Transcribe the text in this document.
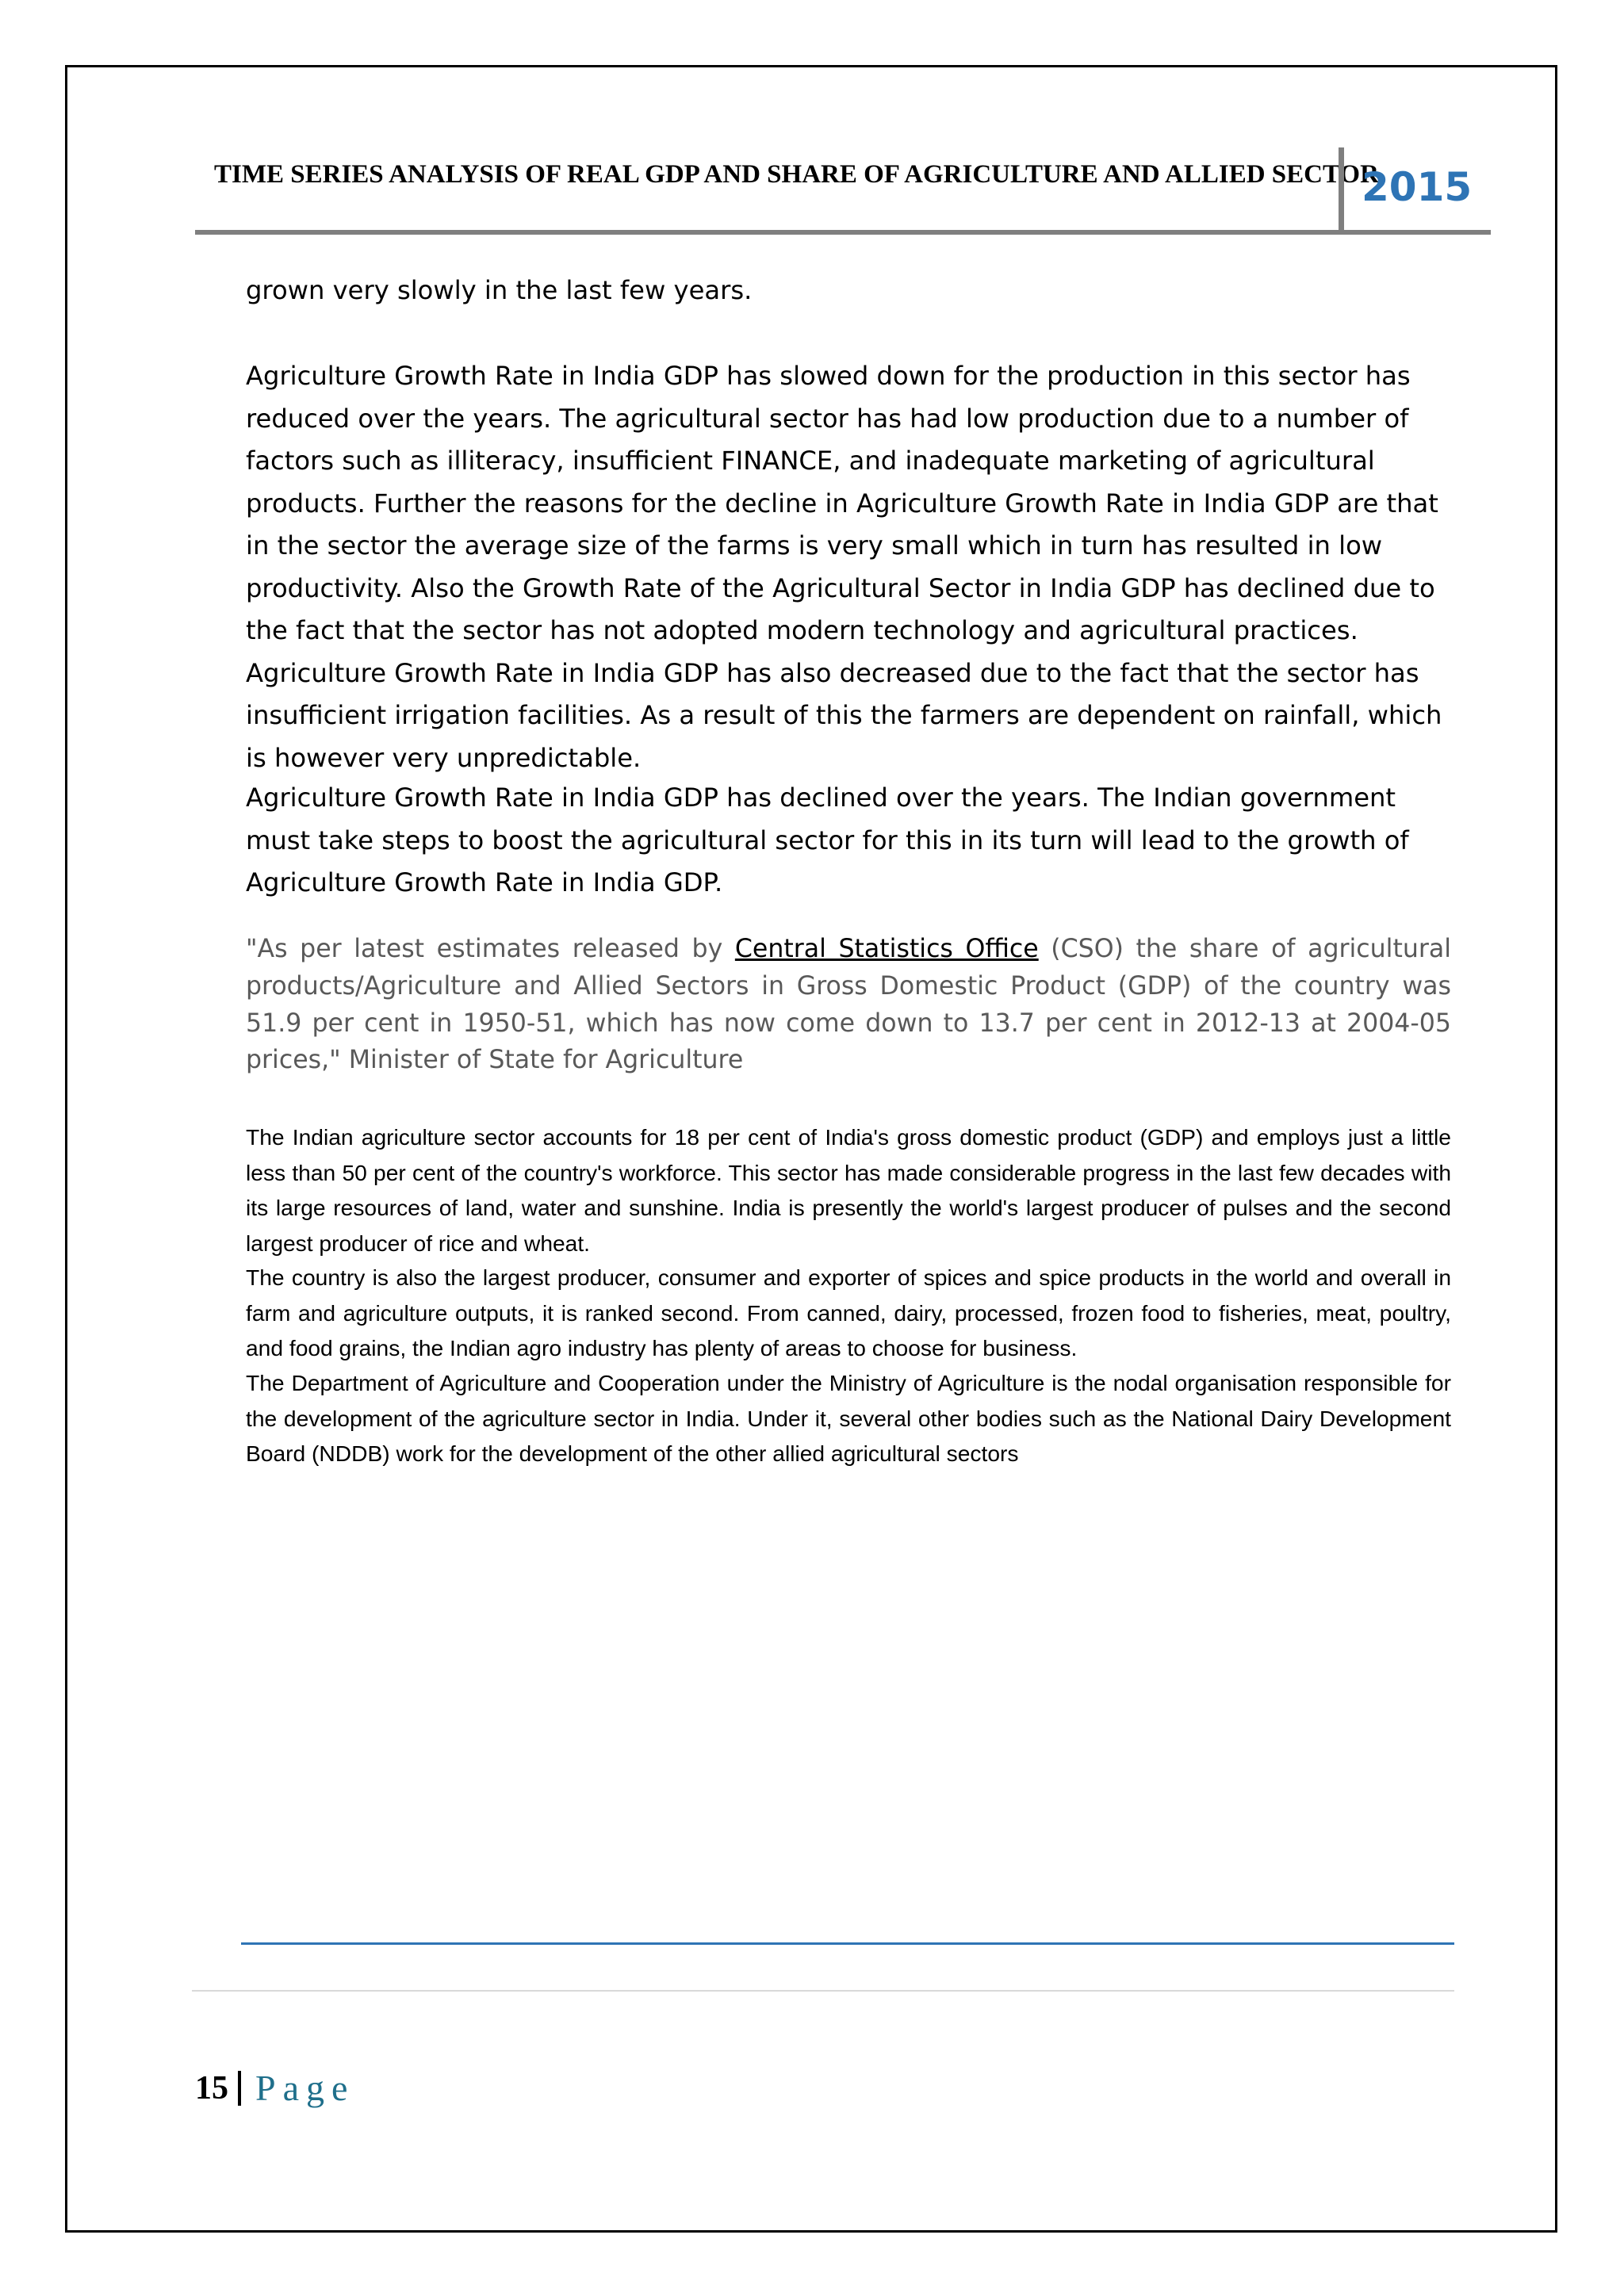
TIME SERIES ANALYSIS OF REAL GDP AND SHARE OF AGRICULTURE AND ALLIED SECTOR
2015

grown very slowly in the last few years.

Agriculture Growth Rate in India GDP has slowed down for the production in this sector has reduced over the years. The agricultural sector has had low production due to a number of factors such as illiteracy, insufficient FINANCE, and inadequate marketing of agricultural products. Further the reasons for the decline in Agriculture Growth Rate in India GDP are that in the sector the average size of the farms is very small which in turn has resulted in low productivity. Also the Growth Rate of the Agricultural Sector in India GDP has declined due to the fact that the sector has not adopted modern technology and agricultural practices. Agriculture Growth Rate in India GDP has also decreased due to the fact that the sector has insufficient irrigation facilities. As a result of this the farmers are dependent on rainfall, which is however very unpredictable.

Agriculture Growth Rate in India GDP has declined over the years. The Indian government must take steps to boost the agricultural sector for this in its turn will lead to the growth of Agriculture Growth Rate in India GDP.

"As per latest estimates released by Central Statistics Office (CSO) the share of agricultural products/Agriculture and Allied Sectors in Gross Domestic Product (GDP) of the country was 51.9 per cent in 1950-51, which has now come down to 13.7 per cent in 2012-13 at 2004-05 prices," Minister of State for Agriculture

The Indian agriculture sector accounts for 18 per cent of India's gross domestic product (GDP) and employs just a little less than 50 per cent of the country's workforce. This sector has made considerable progress in the last few decades with its large resources of land, water and sunshine. India is presently the world's largest producer of pulses and the second largest producer of rice and wheat.

The country is also the largest producer, consumer and exporter of spices and spice products in the world and overall in farm and agriculture outputs, it is ranked second. From canned, dairy, processed, frozen food to fisheries, meat, poultry, and food grains, the Indian agro industry has plenty of areas to choose for business.

The Department of Agriculture and Cooperation under the Ministry of Agriculture is the nodal organisation responsible for the development of the agriculture sector in India. Under it, several other bodies such as the National Dairy Development Board (NDDB) work for the development of the other allied agricultural sectors

15 Page
